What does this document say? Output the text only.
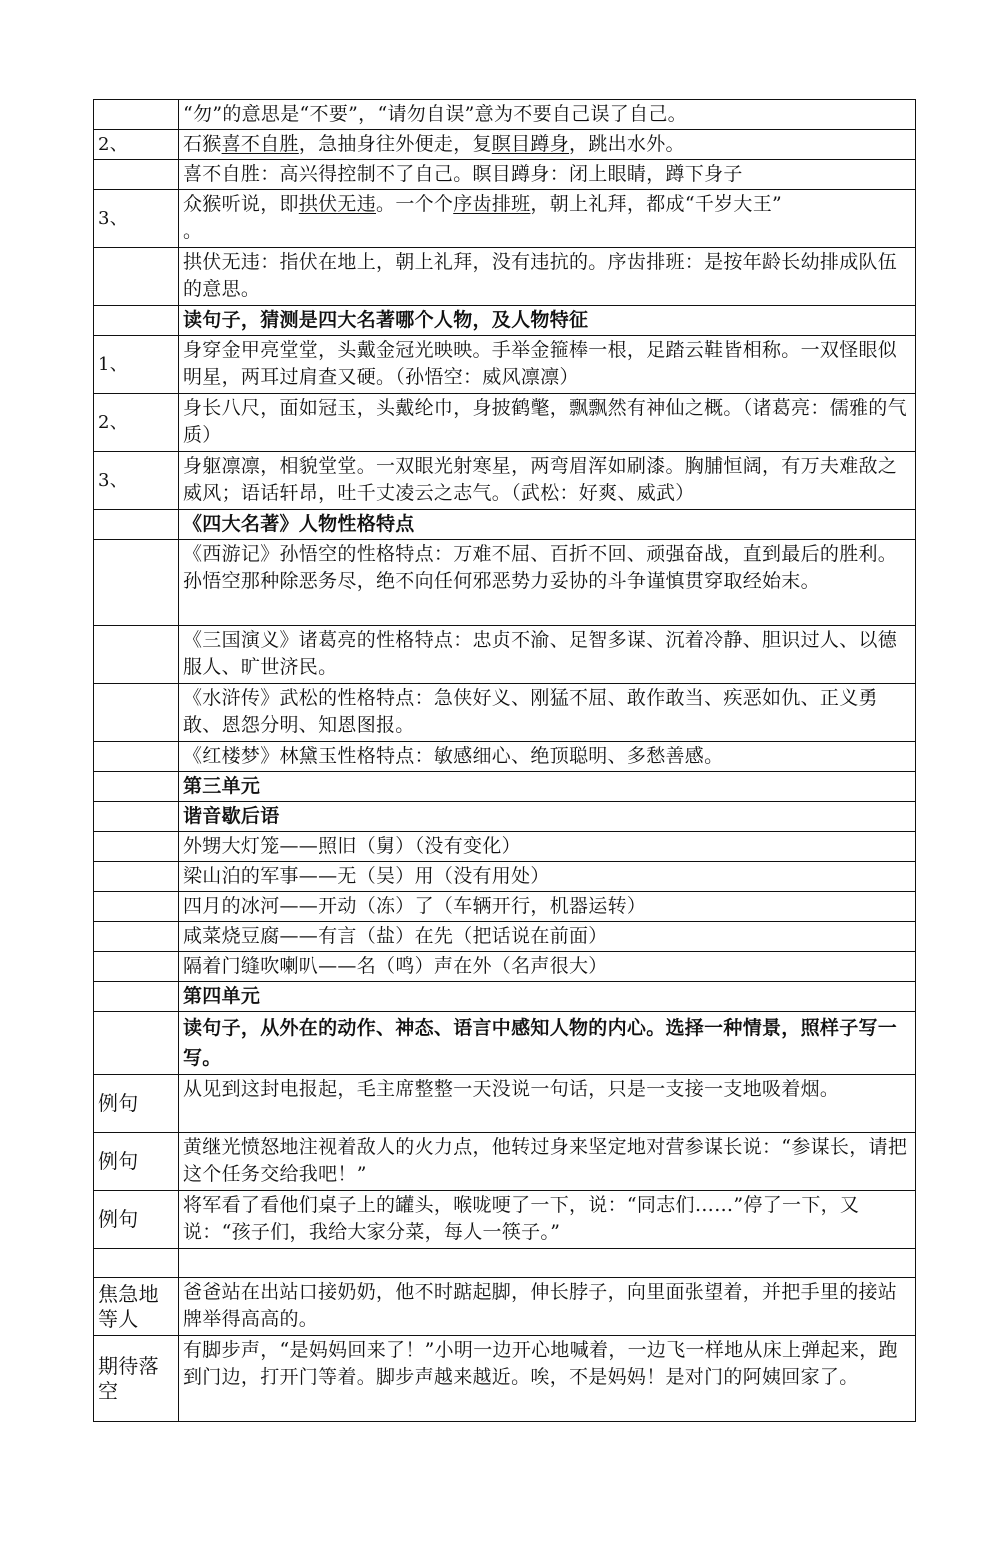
	“勿”的意思是“不要”，“请勿自误”意为不要自己误了自己。
2、	石猴喜不自胜，急抽身往外便走，复瞑目蹲身，跳出水外。
	喜不自胜：高兴得控制不了自己。瞑目蹲身：闭上眼睛，蹲下身子
3、	众猴听说，即拱伏无违。一个个序齿排班，朝上礼拜，都成“千岁大王”
。
	拱伏无违：指伏在地上，朝上礼拜，没有违抗的。序齿排班：是按年龄长幼排成队伍的意思。
	读句子，猜测是四大名著哪个人物，及人物特征
1、	身穿金甲亮堂堂，头戴金冠光映映。手举金箍棒一根，足踏云鞋皆相称。一双怪眼似明星，两耳过肩查又硬。（孙悟空：威风凛凛）
2、	身长八尺，面如冠玉，头戴纶巾，身披鹤氅，飘飘然有神仙之概。（诸葛亮：儒雅的气质）
3、	身躯凛凛，相貌堂堂。一双眼光射寒星，两弯眉浑如刷漆。胸脯恒阔，有万夫难敌之威风；语话轩昂，吐千丈凌云之志气。（武松：好爽、威武）
	《四大名著》人物性格特点
	《西游记》孙悟空的性格特点：万难不屈、百折不回、顽强奋战，直到最后的胜利。孙悟空那种除恶务尽，绝不向任何邪恶势力妥协的斗争谨慎贯穿取经始末。
	《三国演义》诸葛亮的性格特点：忠贞不渝、足智多谋、沉着冷静、胆识过人、以德服人、旷世济民。
	《水浒传》武松的性格特点：急侠好义、刚猛不屈、敢作敢当、疾恶如仇、正义勇敢、恩怨分明、知恩图报。
	《红楼梦》林黛玉性格特点：敏感细心、绝顶聪明、多愁善感。
	第三单元
	谐音歇后语
	外甥大灯笼——照旧（舅）（没有变化）
	梁山泊的军事——无（吴）用（没有用处）
	四月的冰河——开动（冻）了（车辆开行，机器运转）
	咸菜烧豆腐——有言（盐）在先（把话说在前面）
	隔着门缝吹喇叭——名（鸣）声在外（名声很大）
	第四单元
	读句子，从外在的动作、神态、语言中感知人物的内心。选择一种情景，照样子写一写。
例句	从见到这封电报起，毛主席整整一天没说一句话，只是一支接一支地吸着烟。
例句	黄继光愤怒地注视着敌人的火力点，他转过身来坚定地对营参谋长说：“参谋长，请把这个任务交给我吧！”
例句	将军看了看他们桌子上的罐头，喉咙哽了一下，说：“同志们……”停了一下，又说：“孩子们，我给大家分菜，每人一筷子。”

焦急地等人	爸爸站在出站口接奶奶，他不时踮起脚，伸长脖子，向里面张望着，并把手里的接站牌举得高高的。
期待落空	有脚步声，“是妈妈回来了！”小明一边开心地喊着，一边飞一样地从床上弹起来，跑到门边，打开门等着。脚步声越来越近。唉，不是妈妈！是对门的阿姨回家了。
